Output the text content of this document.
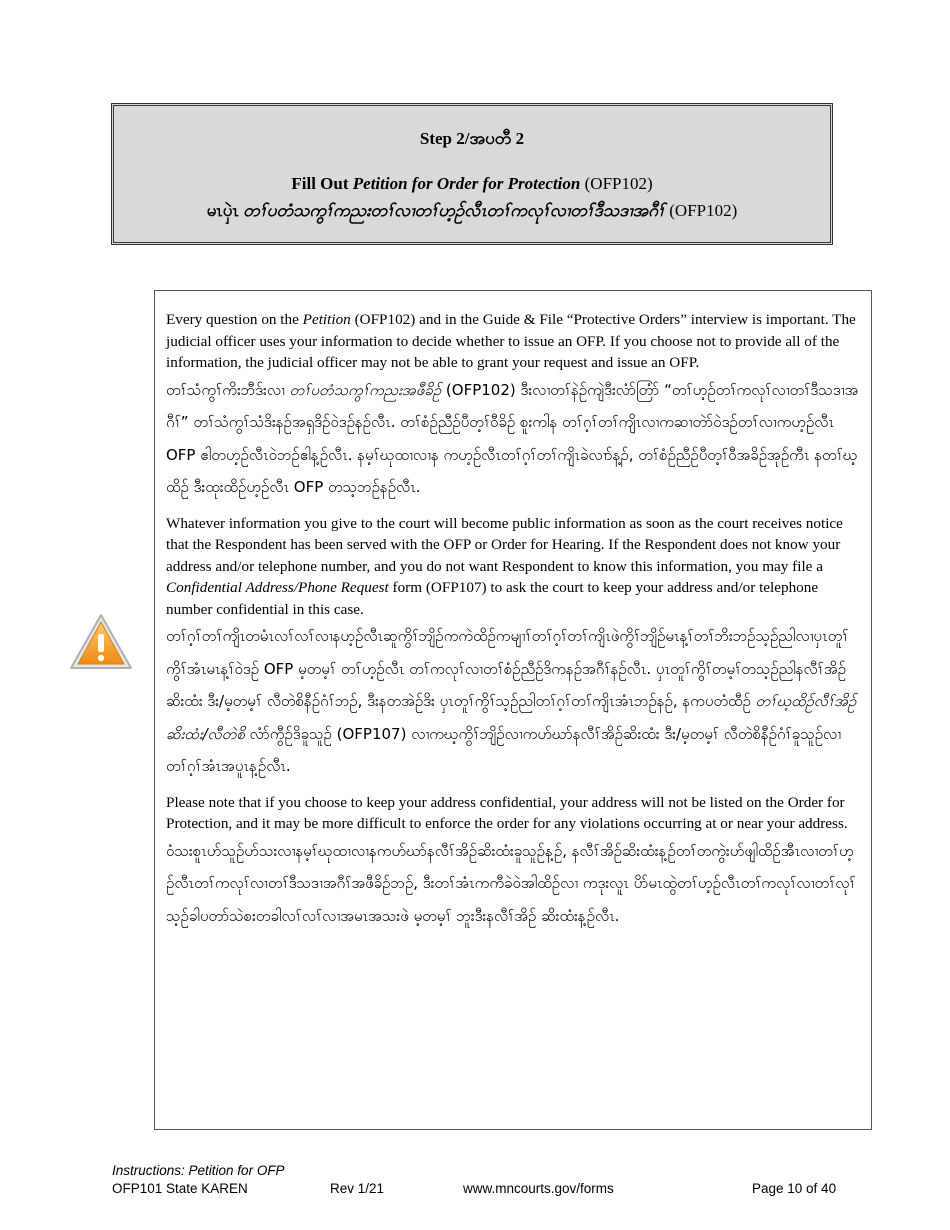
Step 2/အပတီ 2
Fill Out Petition for Order for Protection (OFP102)
မၤပှဲၤ တၢ်ပတံသကွၢ်ကညးတၢ်လၢတၢ်ဟ့ဉ်လီၤတၢ်ကလုၢ်လၢတၢ်ဒီသဒၢအဂီၢ် (OFP102)

Every question on the Petition (OFP102) and in the Guide & File “Protective Orders” interview is important. The judicial officer uses your information to decide whether to issue an OFP. If you choose not to provide all of the information, the judicial officer may not be able to grant your request and issue an OFP.

တၢ်သံကွၢ်ကိးဘီဒ်းလၢ တၢ်ပတံသကွၢ်ကညးအဖီခိဉ် (OFP102) ဒီးလၢတၢ်နဲဉ်ကျဲဒီးလံာ်တြံာ် “တၢ်ဟ့ဉ်တၢ်ကလုၢ်လၢတၢ်ဒီသဒၢအဂီၢ်” တၢ်သံကွၢ်သံဒိးနဉ်အရှဒိဉ်ဝဲဒဉ်နဉ်လီၤ. တၢ်စံဉ်ညီဉ်ပီတ့ၢ်ဝီခိဉ် စူးကါန တၢ်ဂ့ၢ်တၢ်ကျိၤလၢကဆၢတဲာ်ဝဲဒဉ်တၢ်လၢကဟ့ဉ်လီၤ OFP ဧါတဟ့ဉ်လီၤဝဲဘဉ်ဧါန့ဉ်လီၤ. နမ့ၢ်ဃုထၢလၢန ကဟ့ဉ်လီၤတၢ်ဂ့ၢ်တၢ်ကျိၤခဲလၢာ်န့ၣ်, တၢ်စံဉ်ညီဉ်ပီတ့ၢ်ဝီအခိဉ်အုဉ်ကီၤ နတၢ်ဃ့ထိဉ် ဒီးထုးထိဉ်ဟ့ဉ်လီၤ OFP တသ့ဘဉ်နဉ်လီၤ.

Whatever information you give to the court will become public information as soon as the court receives notice that the Respondent has been served with the OFP or Order for Hearing. If the Respondent does not know your address and/or telephone number, and you do not want Respondent to know this information, you may file a Confidential Address/Phone Request form (OFP107) to ask the court to keep your address and/or telephone number confidential in this case.

တၢ်ဂ့ၢ်တၢ်ကျိၤတမံၤလၢ်လၢ်လၢနဟ့ဉ်လီၤဆူကွိၢ်ဘျိဉ်ကကဲထိဉ်ကမျၢၢ်တၢ်ဂ့ၢ်တၢ်ကျိၤဖဲကွိၢ်ဘျိဉ်မၤန့ၢ်တၢ်ဘိးဘဉ်သ့ဉ်ညါလၢပှၤတူၢ်ကွိၢ်အံၤမၤန့ၢ်ဝဲဒဉ် OFP မ့တမ့ၢ် တၢ်ဟ့ဉ်လီၤ တၢ်ကလုၢ်လၢတၢ်စံဉ်ညီဉ်ဒိကနဉ်အဂီၢ်နဉ်လီၤ. ပှၤတူၢ်ကွိၢ်တမ့ၢ်တသ့ဉ်ညါနလီၢ်အိဉ်ဆိးထံး ဒီး/မ့တမ့ၢ် လီတဲစိနီဉ်ဂံၢ်ဘဉ်, ဒီးနတအဲဉ်ဒိး ပှၤတူၢ်ကွိၢ်သ့ဉ်ညါတၢ်ဂ့ၢ်တၢ်ကျိၤအံၤဘဉ်နဉ်, နကပတံထီဉ် တၢ်ဃ့ထိဉ်လီၢ်အိဉ်ဆိးထံး/လီတဲစိ လံာ်ကွီဉ်ဒိခူသူဉ် (OFP107) လၢကဃ့ကွိၢ်ဘျိဉ်လၢကဟ်ဃာ်နလီၢ်အိဉ်ဆိးထံး ဒီး/မ့တမ့ၢ် လီတဲစိနီဉ်ဂံၢ်ခူသူဉ်လၢ တၢ်ဂ့ၢ်အံၤအပူၤန့ဉ်လီၤ.

Please note that if you choose to keep your address confidential, your address will not be listed on the Order for Protection, and it may be more difficult to enforce the order for any violations occurring at or near your address.

ဝံသးစူၤဟ်သူဉ်ဟ်သးလၢနမ့ၢ်ဃုထၢလၢနကဟ်ဃာ်နလီၢ်အိဉ်ဆိးထံးခူသူဉ်န့ဉ်, နလီၢ်အိဉ်ဆိးထံးန့ဉ်တၢ်တကွဲးဟ်ဖျါထိဉ်အီၤလၢတၢ်ဟ့ဉ်လီၤတၢ်ကလုၢ်လၢတၢ်ဒီသဒၢအဂီၢ်အဖီခိဉ်ဘဉ်, ဒီးတၢ်အံၤကကီခဲဝဲအါထိဉ်လၢ ကဒုးလူၤ ပိာ်မၤထွဲတၢ်ဟ့ဉ်လီၤတၢ်ကလုၢ်လၢတၢ်လုၢ်သ့ဉ်ခါပတာ်သဲစးတခါလၢ်လၢ်လၢအမၤအသးဖဲ မ့တမ့ၢ် ဘူးဒီးနလီၢ်အိဉ် ဆိးထံးန့ဉ်လီၤ.

Instructions: Petition for OFP
OFP101 State KAREN	Rev 1/21	www.mncourts.gov/forms	Page 10 of 40
